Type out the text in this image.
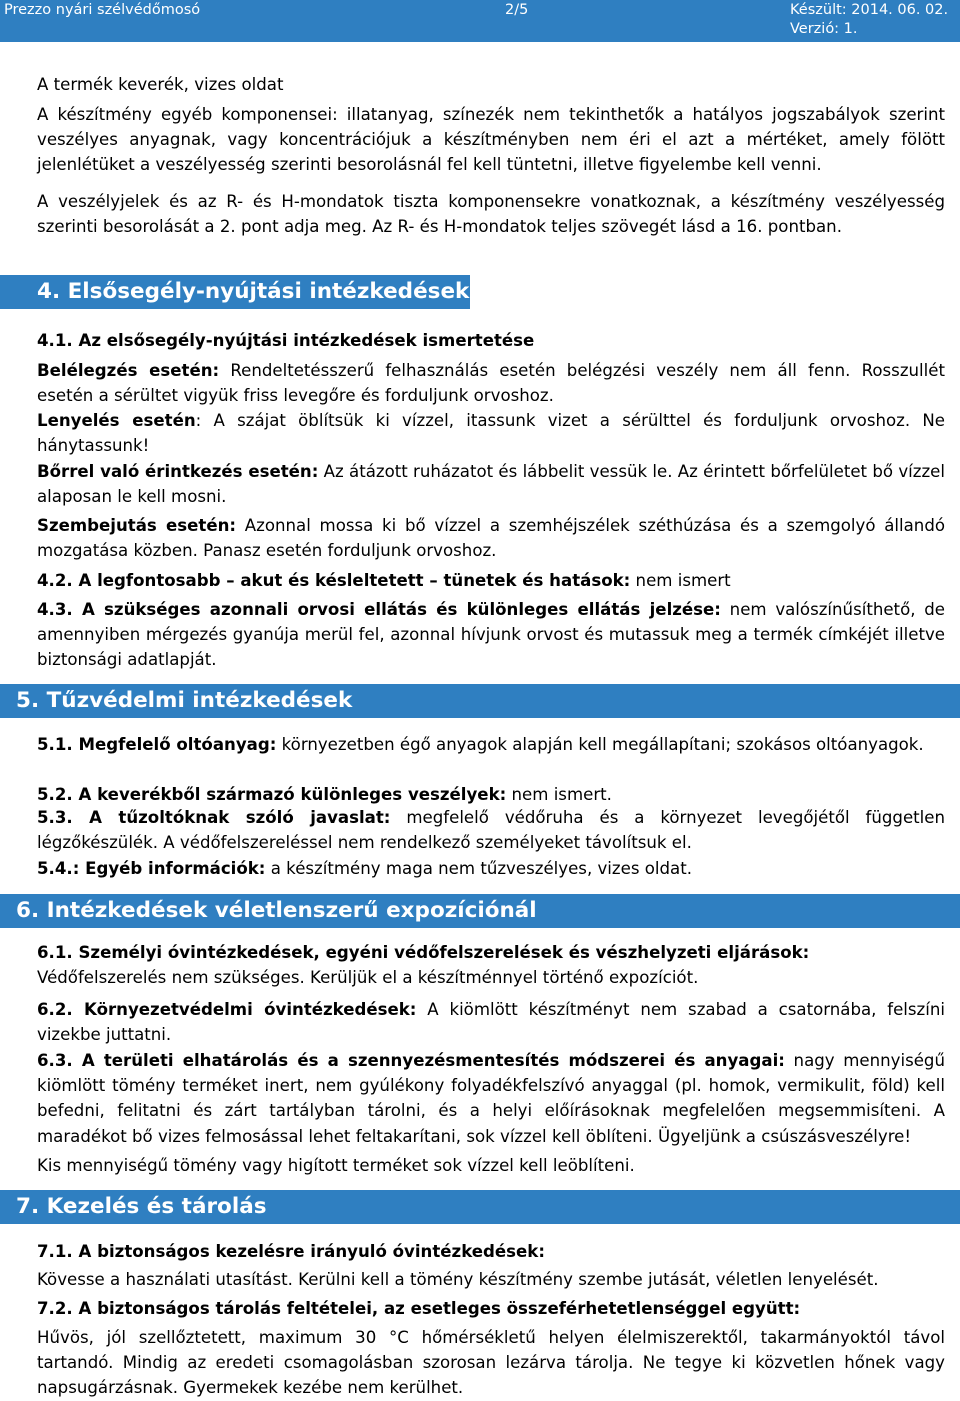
Prezzo nyári szélvédőmosó	2/5	Készült: 2014. 06. 02.
Verzió: 1.

A termék keverék, vizes oldat

A készítmény egyéb komponensei: illatanyag, színezék nem tekinthetők a hatályos jogszabályok szerint veszélyes anyagnak, vagy koncentrációjuk a készítményben nem éri el azt a mértéket, amely fölött jelenlétüket a veszélyesség szerinti besorolásnál fel kell tüntetni, illetve figyelembe kell venni.

A veszélyjelek és az R- és H-mondatok tiszta komponensekre vonatkoznak, a készítmény veszélyesség szerinti besorolását a 2. pont adja meg. Az R- és H-mondatok teljes szövegét lásd a 16. pontban.

4. Elsősegély-nyújtási intézkedések

4.1. Az elsősegély-nyújtási intézkedések ismertetése

Belélegzés esetén: Rendeltetésszerű felhasználás esetén belégzési veszély nem áll fenn. Rosszullét esetén a sérültet vigyük friss levegőre és forduljunk orvoshoz.

Lenyelés esetén: A szájat öblítsük ki vízzel, itassunk vizet a sérülttel és forduljunk orvoshoz. Ne hánytassunk!

Bőrrel való érintkezés esetén: Az átázott ruházatot és lábbelit vessük le. Az érintett bőrfelületet bő vízzel alaposan le kell mosni.

Szembejutás esetén: Azonnal mossa ki bő vízzel a szemhéjszélek széthúzása és a szemgolyó állandó mozgatása közben. Panasz esetén forduljunk orvoshoz.

4.2. A legfontosabb – akut és késleltetett – tünetek és hatások: nem ismert

4.3. A szükséges azonnali orvosi ellátás és különleges ellátás jelzése: nem valószínűsíthető, de amennyiben mérgezés gyanúja merül fel, azonnal hívjunk orvost és mutassuk meg a termék címkéjét illetve biztonsági adatlapját.

5. Tűzvédelmi intézkedések

5.1. Megfelelő oltóanyag: környezetben égő anyagok alapján kell megállapítani; szokásos oltóanyagok.

5.2. A keverékből származó különleges veszélyek: nem ismert.

5.3. A tűzoltóknak szóló javaslat: megfelelő védőruha és a környezet levegőjétől független légzőkészülék. A védőfelszereléssel nem rendelkező személyeket távolítsuk el.

5.4.: Egyéb információk: a készítmény maga nem tűzveszélyes, vizes oldat.

6. Intézkedések véletlenszerű expozíciónál

6.1. Személyi óvintézkedések, egyéni védőfelszerelések és vészhelyzeti eljárások:

Védőfelszerelés nem szükséges. Kerüljük el a készítménnyel történő expozíciót.

6.2. Környezetvédelmi óvintézkedések: A kiömlött készítményt nem szabad a csatornába, felszíni vizekbe juttatni.

6.3. A területi elhatárolás és a szennyezésmentesítés módszerei és anyagai: nagy mennyiségű kiömlött tömény terméket inert, nem gyúlékony folyadékfelszívó anyaggal (pl. homok, vermikulit, föld) kell befedni, felitatni és zárt tartályban tárolni, és a helyi előírásoknak megfelelően megsemmisíteni. A maradékot bő vizes felmosással lehet feltakarítani, sok vízzel kell öblíteni. Ügyeljünk a csúszásveszélyre!

Kis mennyiségű tömény vagy higított terméket sok vízzel kell leöblíteni.

7. Kezelés és tárolás

7.1. A biztonságos kezelésre irányuló óvintézkedések:

Kövesse a használati utasítást. Kerülni kell a tömény készítmény szembe jutását, véletlen lenyelését.

7.2. A biztonságos tárolás feltételei, az esetleges összeférhetetlenséggel együtt:

Hűvös, jól szellőztetett, maximum 30 °C hőmérsékletű helyen élelmiszerektől, takarmányoktól távol tartandó. Mindig az eredeti csomagolásban szorosan lezárva tárolja. Ne tegye ki közvetlen hőnek vagy napsugárzásnak. Gyermekek kezébe nem kerülhet.
